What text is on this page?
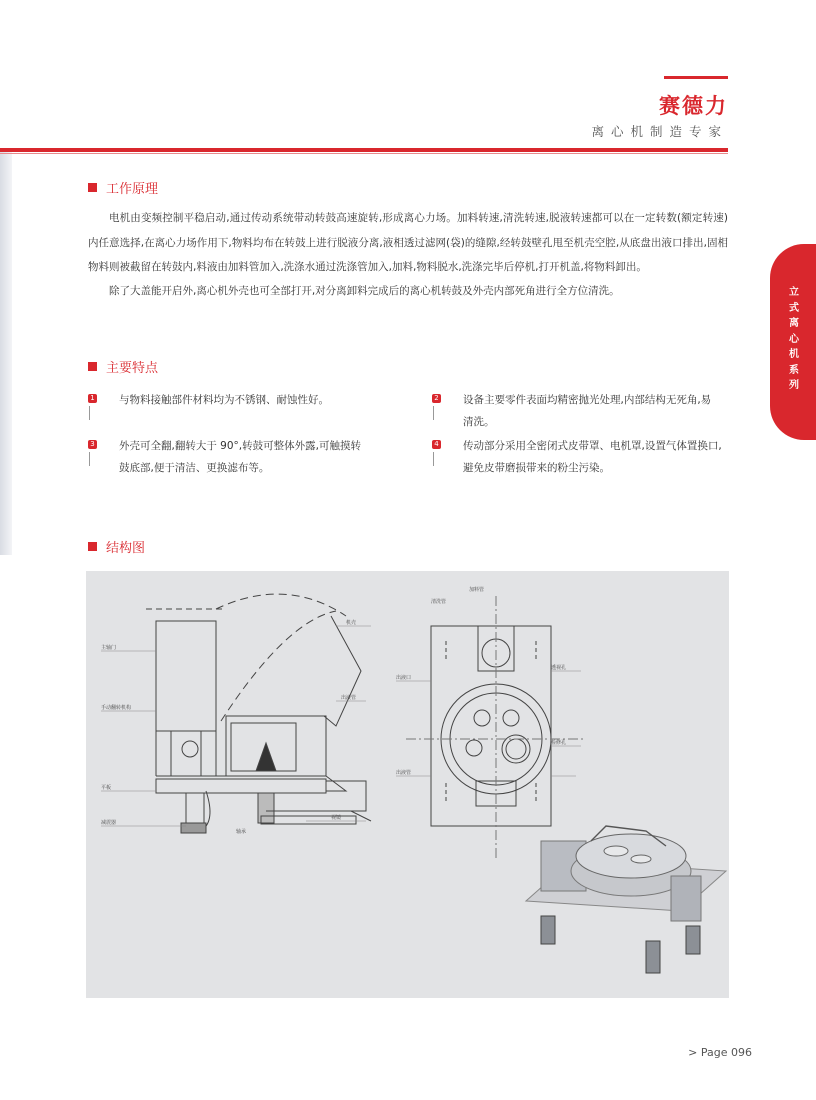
赛德力
离心机制造专家
立式离心机系列
工作原理
电机由变频控制平稳启动,通过传动系统带动转鼓高速旋转,形成离心力场。加料转速,清洗转速,脱液转速都可以在一定转数(额定转速)内任意选择,在离心力场作用下,物料均布在转鼓上进行脱液分离,液相透过滤网(袋)的缝隙,经转鼓壁孔甩至机壳空腔,从底盘出液口排出,固相物料则被截留在转鼓内,料液由加料管加入,洗涤水通过洗涤管加入,加料,物料脱水,洗涤完毕后停机,打开机盖,将物料卸出。
除了大盖能开启外,离心机外壳也可全部打开,对分离卸料完成后的离心机转鼓及外壳内部死角进行全方位清洗。
主要特点
1 与物料接触部件材料均为不锈钢、耐蚀性好。	2 设备主要零件表面均精密抛光处理,内部结构无死角,易
清洗。
3 外壳可全翻,翻转大于 90°,转鼓可整体外露,可触摸转
鼓底部,便于清洁、更换滤布等。
4 传动部分采用全密闭式皮带罩、电机罩,设置气体置换口,
避免皮带磨损带来的粉尘污染。
结构图
主轴门
手动翻转机构
平板
减震器
轴承
机壳
出液管
视镜
加料管
清洗管
出液口
出液管
透视孔
检修孔
> Page 096
